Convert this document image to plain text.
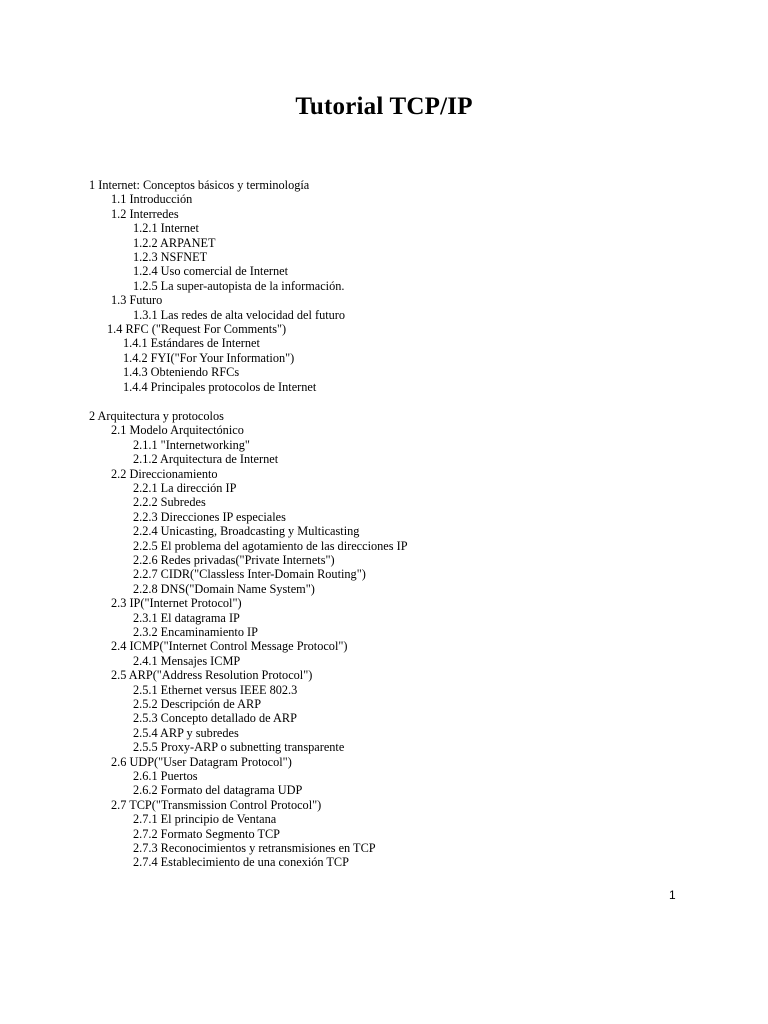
Tutorial TCP/IP
1 Internet: Conceptos básicos y terminología
1.1 Introducción
1.2 Interredes
1.2.1 Internet
1.2.2 ARPANET
1.2.3 NSFNET
1.2.4 Uso comercial de Internet
1.2.5 La super-autopista de la información.
1.3 Futuro
1.3.1 Las redes de alta velocidad del futuro
1.4 RFC ("Request For Comments")
1.4.1 Estándares de Internet
1.4.2 FYI("For Your Information")
1.4.3 Obteniendo RFCs
1.4.4 Principales protocolos de Internet
2 Arquitectura y protocolos
2.1 Modelo Arquitectónico
2.1.1 "Internetworking"
2.1.2 Arquitectura de Internet
2.2 Direccionamiento
2.2.1 La dirección IP
2.2.2 Subredes
2.2.3 Direcciones IP especiales
2.2.4 Unicasting, Broadcasting y Multicasting
2.2.5 El problema del agotamiento de las direcciones IP
2.2.6 Redes privadas("Private Internets")
2.2.7 CIDR("Classless Inter-Domain Routing")
2.2.8 DNS("Domain Name System")
2.3 IP("Internet Protocol")
2.3.1 El datagrama IP
2.3.2 Encaminamiento IP
2.4 ICMP("Internet Control Message Protocol")
2.4.1 Mensajes ICMP
2.5 ARP("Address Resolution Protocol")
2.5.1 Ethernet versus IEEE 802.3
2.5.2 Descripción de ARP
2.5.3 Concepto detallado de ARP
2.5.4 ARP y subredes
2.5.5 Proxy-ARP o subnetting transparente
2.6 UDP("User Datagram Protocol")
2.6.1 Puertos
2.6.2 Formato del datagrama UDP
2.7 TCP("Transmission Control Protocol")
2.7.1 El principio de Ventana
2.7.2 Formato Segmento TCP
2.7.3 Reconocimientos y retransmisiones en TCP
2.7.4 Establecimiento de una conexión TCP
1
